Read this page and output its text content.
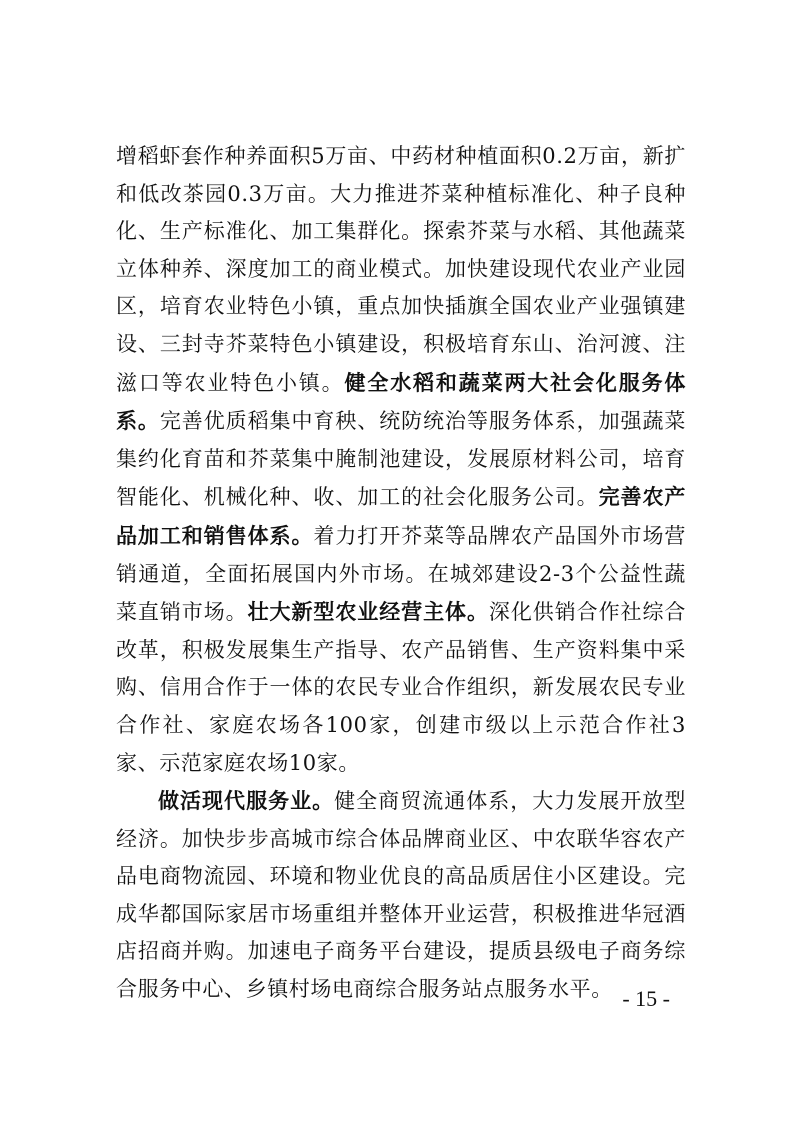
增稻虾套作种养面积5万亩、中药材种植面积0.2万亩，新扩和低改茶园0.3万亩。大力推进芥菜种植标准化、种子良种化、生产标准化、加工集群化。探索芥菜与水稻、其他蔬菜立体种养、深度加工的商业模式。加快建设现代农业产业园区，培育农业特色小镇，重点加快插旗全国农业产业强镇建设、三封寺芥菜特色小镇建设，积极培育东山、治河渡、注滋口等农业特色小镇。健全水稻和蔬菜两大社会化服务体系。完善优质稻集中育秧、统防统治等服务体系，加强蔬菜集约化育苗和芥菜集中腌制池建设，发展原材料公司，培育智能化、机械化种、收、加工的社会化服务公司。完善农产品加工和销售体系。着力打开芥菜等品牌农产品国外市场营销通道，全面拓展国内外市场。在城郊建设2-3个公益性蔬菜直销市场。壮大新型农业经营主体。深化供销合作社综合改革，积极发展集生产指导、农产品销售、生产资料集中采购、信用合作于一体的农民专业合作组织，新发展农民专业合作社、家庭农场各100家，创建市级以上示范合作社3家、示范家庭农场10家。

做活现代服务业。健全商贸流通体系，大力发展开放型经济。加快步步高城市综合体品牌商业区、中农联华容农产品电商物流园、环境和物业优良的高品质居住小区建设。完成华都国际家居市场重组并整体开业运营，积极推进华冠酒店招商并购。加速电子商务平台建设，提质县级电子商务综合服务中心、乡镇村场电商综合服务站点服务水平。 - 15 -
